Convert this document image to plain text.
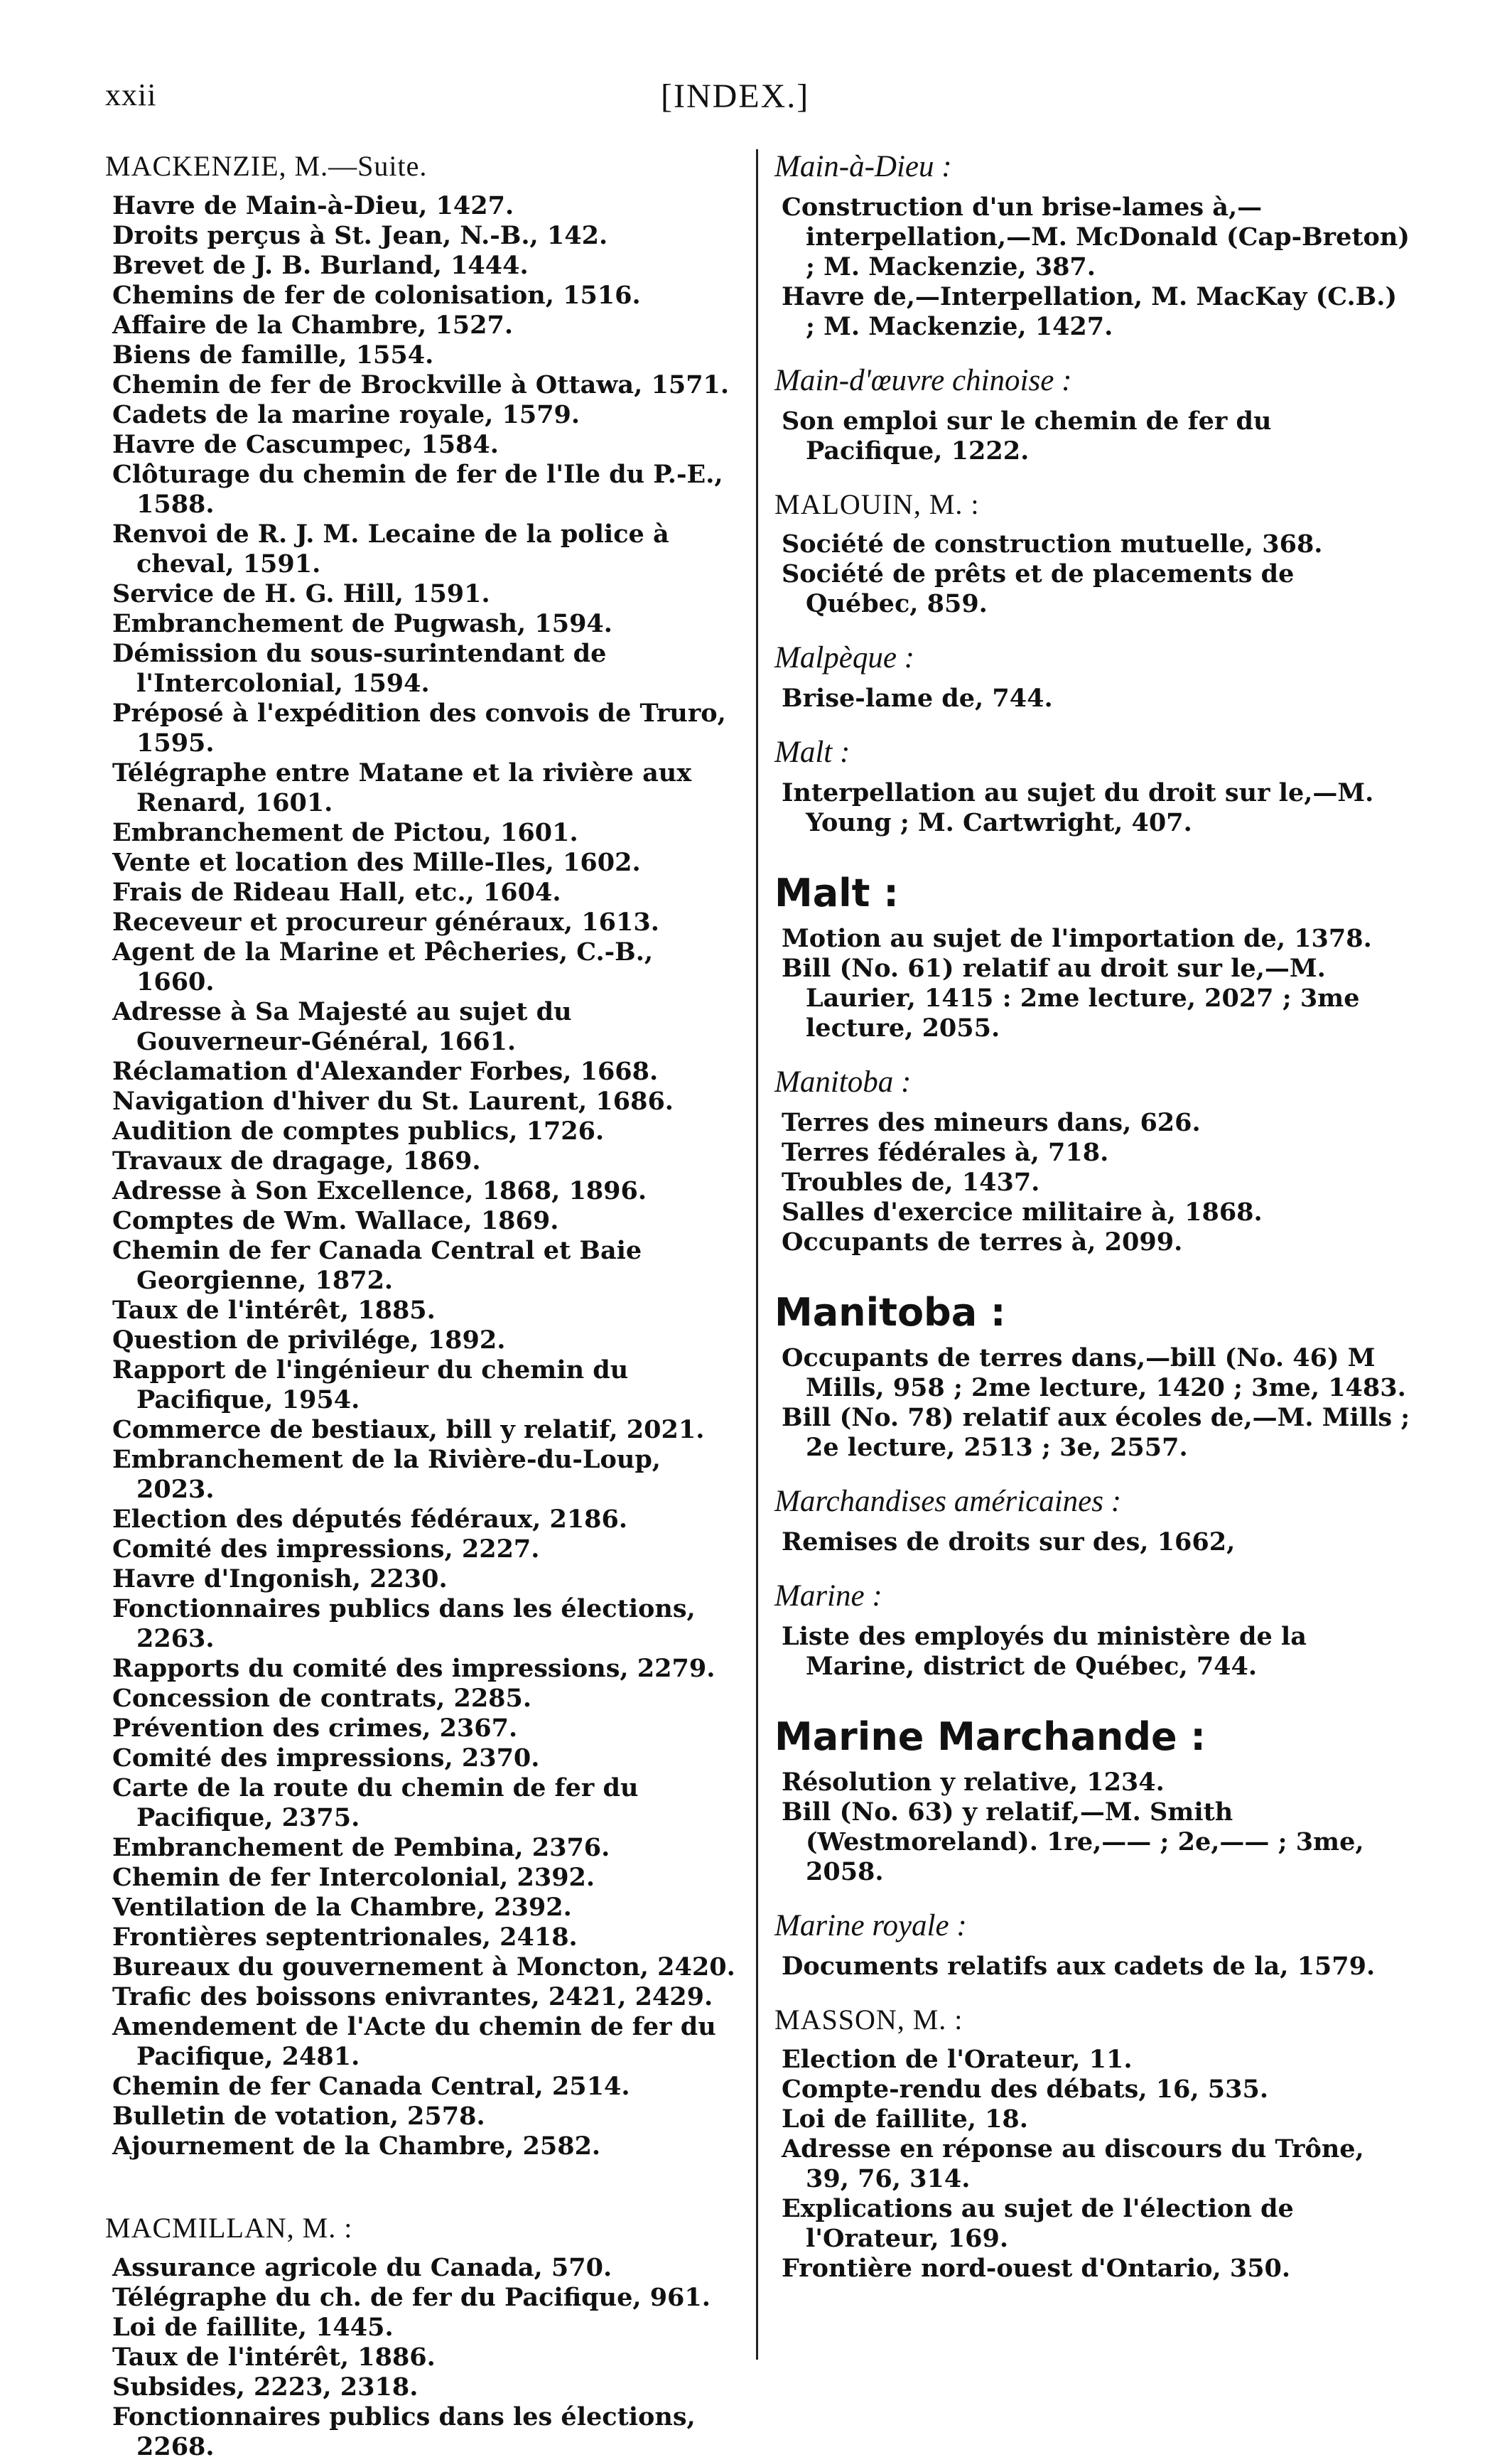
xxii	[INDEX.]

MACKENZIE, M.—Suite.

Havre de Main-à-Dieu, 1427.

Droits perçus à St. Jean, N.-B., 142.

Brevet de J. B. Burland, 1444.

Chemins de fer de colonisation, 1516.

Affaire de la Chambre, 1527.

Biens de famille, 1554.

Chemin de fer de Brockville à Ottawa, 1571.

Cadets de la marine royale, 1579.

Havre de Cascumpec, 1584.

Clôturage du chemin de fer de l'Ile du P.-E., 1588.

Renvoi de R. J. M. Lecaine de la police à cheval, 1591.

Service de H. G. Hill, 1591.

Embranchement de Pugwash, 1594.

Démission du sous-surintendant de l'Intercolonial, 1594.

Préposé à l'expédition des convois de Truro, 1595.

Télégraphe entre Matane et la rivière aux Renard, 1601.

Embranchement de Pictou, 1601.

Vente et location des Mille-Iles, 1602.

Frais de Rideau Hall, etc., 1604.

Receveur et procureur généraux, 1613.

Agent de la Marine et Pêcheries, C.-B., 1660.

Adresse à Sa Majesté au sujet du Gouverneur-Général, 1661.

Réclamation d'Alexander Forbes, 1668.

Navigation d'hiver du St. Laurent, 1686.

Audition de comptes publics, 1726.

Travaux de dragage, 1869.

Adresse à Son Excellence, 1868, 1896.

Comptes de Wm. Wallace, 1869.

Chemin de fer Canada Central et Baie Georgienne, 1872.

Taux de l'intérêt, 1885.

Question de privilége, 1892.

Rapport de l'ingénieur du chemin du Pacifique, 1954.

Commerce de bestiaux, bill y relatif, 2021.

Embranchement de la Rivière-du-Loup, 2023.

Election des députés fédéraux, 2186.

Comité des impressions, 2227.

Havre d'Ingonish, 2230.

Fonctionnaires publics dans les élections, 2263.

Rapports du comité des impressions, 2279.

Concession de contrats, 2285.

Prévention des crimes, 2367.

Comité des impressions, 2370.

Carte de la route du chemin de fer du Pacifique, 2375.

Embranchement de Pembina, 2376.

Chemin de fer Intercolonial, 2392.

Ventilation de la Chambre, 2392.

Frontières septentrionales, 2418.

Bureaux du gouvernement à Moncton, 2420.

Trafic des boissons enivrantes, 2421, 2429.

Amendement de l'Acte du chemin de fer du Pacifique, 2481.

Chemin de fer Canada Central, 2514.

Bulletin de votation, 2578.

Ajournement de la Chambre, 2582.

MACMILLAN, M. :

Assurance agricole du Canada, 570.

Télégraphe du ch. de fer du Pacifique, 961.

Loi de faillite, 1445.

Taux de l'intérêt, 1886.

Subsides, 2223, 2318.

Fonctionnaires publics dans les élections, 2268.

Main-à-Dieu :

Construction d'un brise-lames à,—interpellation,—M. McDonald (Cap-Breton) ; M. Mackenzie, 387.

Havre de,—Interpellation, M. MacKay (C.B.) ; M. Mackenzie, 1427.

Main-d'œuvre chinoise :

Son emploi sur le chemin de fer du Pacifique, 1222.

MALOUIN, M. :

Société de construction mutuelle, 368.

Société de prêts et de placements de Québec, 859.

Malpèque :

Brise-lame de, 744.

Malt :

Interpellation au sujet du droit sur le,—M. Young ; M. Cartwright, 407.

Malt :

Motion au sujet de l'importation de, 1378.

Bill (No. 61) relatif au droit sur le,—M. Laurier, 1415 : 2me lecture, 2027 ; 3me lecture, 2055.

Manitoba :

Terres des mineurs dans, 626.

Terres fédérales à, 718.

Troubles de, 1437.

Salles d'exercice militaire à, 1868.

Occupants de terres à, 2099.

Manitoba :

Occupants de terres dans,—bill (No. 46) M Mills, 958 ; 2me lecture, 1420 ; 3me, 1483.

Bill (No. 78) relatif aux écoles de,—M. Mills ; 2e lecture, 2513 ; 3e, 2557.

Marchandises américaines :

Remises de droits sur des, 1662,

Marine :

Liste des employés du ministère de la Marine, district de Québec, 744.

Marine Marchande :

Résolution y relative, 1234.

Bill (No. 63) y relatif,—M. Smith (Westmoreland). 1re,—— ; 2e,—— ; 3me, 2058.

Marine royale :

Documents relatifs aux cadets de la, 1579.

MASSON, M. :

Election de l'Orateur, 11.

Compte-rendu des débats, 16, 535.

Loi de faillite, 18.

Adresse en réponse au discours du Trône, 39, 76, 314.

Explications au sujet de l'élection de l'Orateur, 169.

Frontière nord-ouest d'Ontario, 350.
